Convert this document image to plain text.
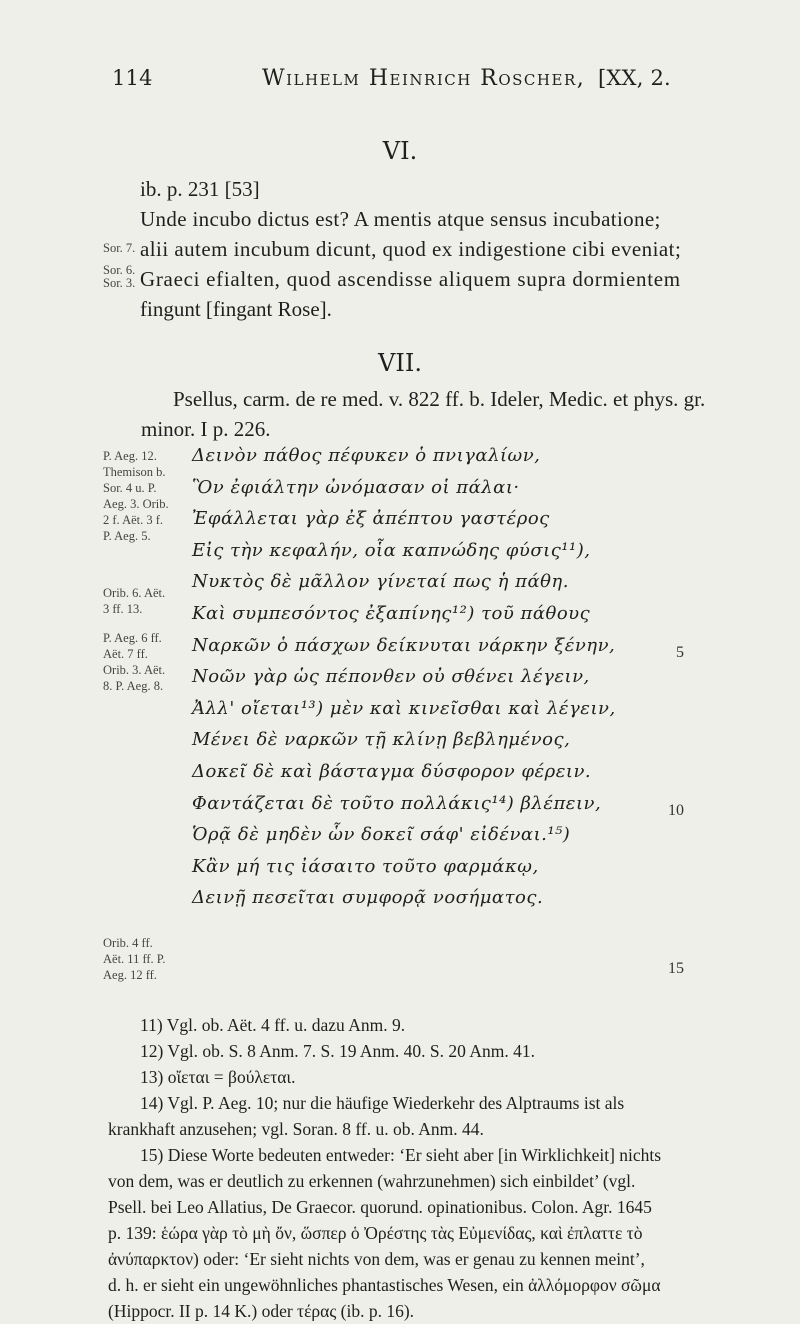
114	Wilhelm Heinrich Roscher, [XX, 2.
VI.
ib. p. 231 [53]
Unde incubo dictus est? A mentis atque sensus incubatione;
alii autem incubum dicunt, quod ex indigestione cibi eveniat;
Graeci efialten, quod ascendisse aliquem supra dormientem
fingunt [fingant Rose].
Sor. 7.
Sor. 6.
Sor. 3.
VII.
Psellus, carm. de re med. v. 822 ff. b. Ideler, Medic. et phys. gr.
minor. I p. 226.
Δεινὸν πάθος πέφυκεν ὁ πνιγαλίων,
Ὃν ἐφιάλτην ὠνόμασαν οἱ πάλαι·
Ἐφάλλεται γὰρ ἐξ ἀπέπτου γαστέρος
Εἰς τὴν κεφαλήν, οἷα καπνώδης φύσις¹¹),
Νυκτὸς δὲ μᾶλλον γίνεταί πως ἡ πάθη.
Καὶ συμπεσόντος ἐξαπίνης¹²) τοῦ πάθους
Ναρκῶν ὁ πάσχων δείκνυται νάρκην ξένην,
Νοῶν γὰρ ὡς πέπονθεν οὐ σθένει λέγειν,
Ἀλλ' οἴεται¹³) μὲν καὶ κινεῖσθαι καὶ λέγειν,
Μένει δὲ ναρκῶν τῇ κλίνῃ βεβλημένος,
Δοκεῖ δὲ καὶ βάσταγμα δύσφορον φέρειν.
Φαντάζεται δὲ τοῦτο πολλάκις¹⁴) βλέπειν,
Ὁρᾷ δὲ μηδὲν ὧν δοκεῖ σάφ' εἰδέναι.¹⁵)
Κἂν μή τις ἰάσαιτο τοῦτο φαρμάκῳ,
Δεινῇ πεσεῖται συμφορᾷ νοσήματος.
5
10
15
P. Aeg. 12. Themison b. Sor. 4 u. P. Aeg. 3. Orib. 2 f. Aët. 3 f. P. Aeg. 5.
Orib. 6. Aët. 3 ff. 13.
P. Aeg. 6 ff. Aët. 7 ff. Orib. 3. Aët. 8. P. Aeg. 8.
Orib. 4 ff. Aët. 11 ff. P. Aeg. 12 ff.
11) Vgl. ob. Aët. 4 ff. u. dazu Anm. 9.
12) Vgl. ob. S. 8 Anm. 7. S. 19 Anm. 40. S. 20 Anm. 41.
13) οἴεται = βούλεται.
14) Vgl. P. Aeg. 10; nur die häufige Wiederkehr des Alptraums ist als
krankhaft anzusehen; vgl. Soran. 8 ff. u. ob. Anm. 44.
15) Diese Worte bedeuten entweder: ‘Er sieht aber [in Wirklichkeit] nichts
von dem, was er deutlich zu erkennen (wahrzunehmen) sich einbildet’ (vgl.
Psell. bei Leo Allatius, De Graecor. quorund. opinationibus. Colon. Agr. 1645
p. 139: ἑώρα γὰρ τὸ μὴ ὄν, ὥσπερ ὁ Ὀρέστης τὰς Εὐμενίδας, καὶ ἐπλαττε τὸ
ἀνύπαρκτον) oder: ‘Er sieht nichts von dem, was er genau zu kennen meint’,
d. h. er sieht ein ungewöhnliches phantastisches Wesen, ein ἀλλόμορφον σῶμα
(Hippocr. II p. 14 K.) oder τέρας (ib. p. 16).
